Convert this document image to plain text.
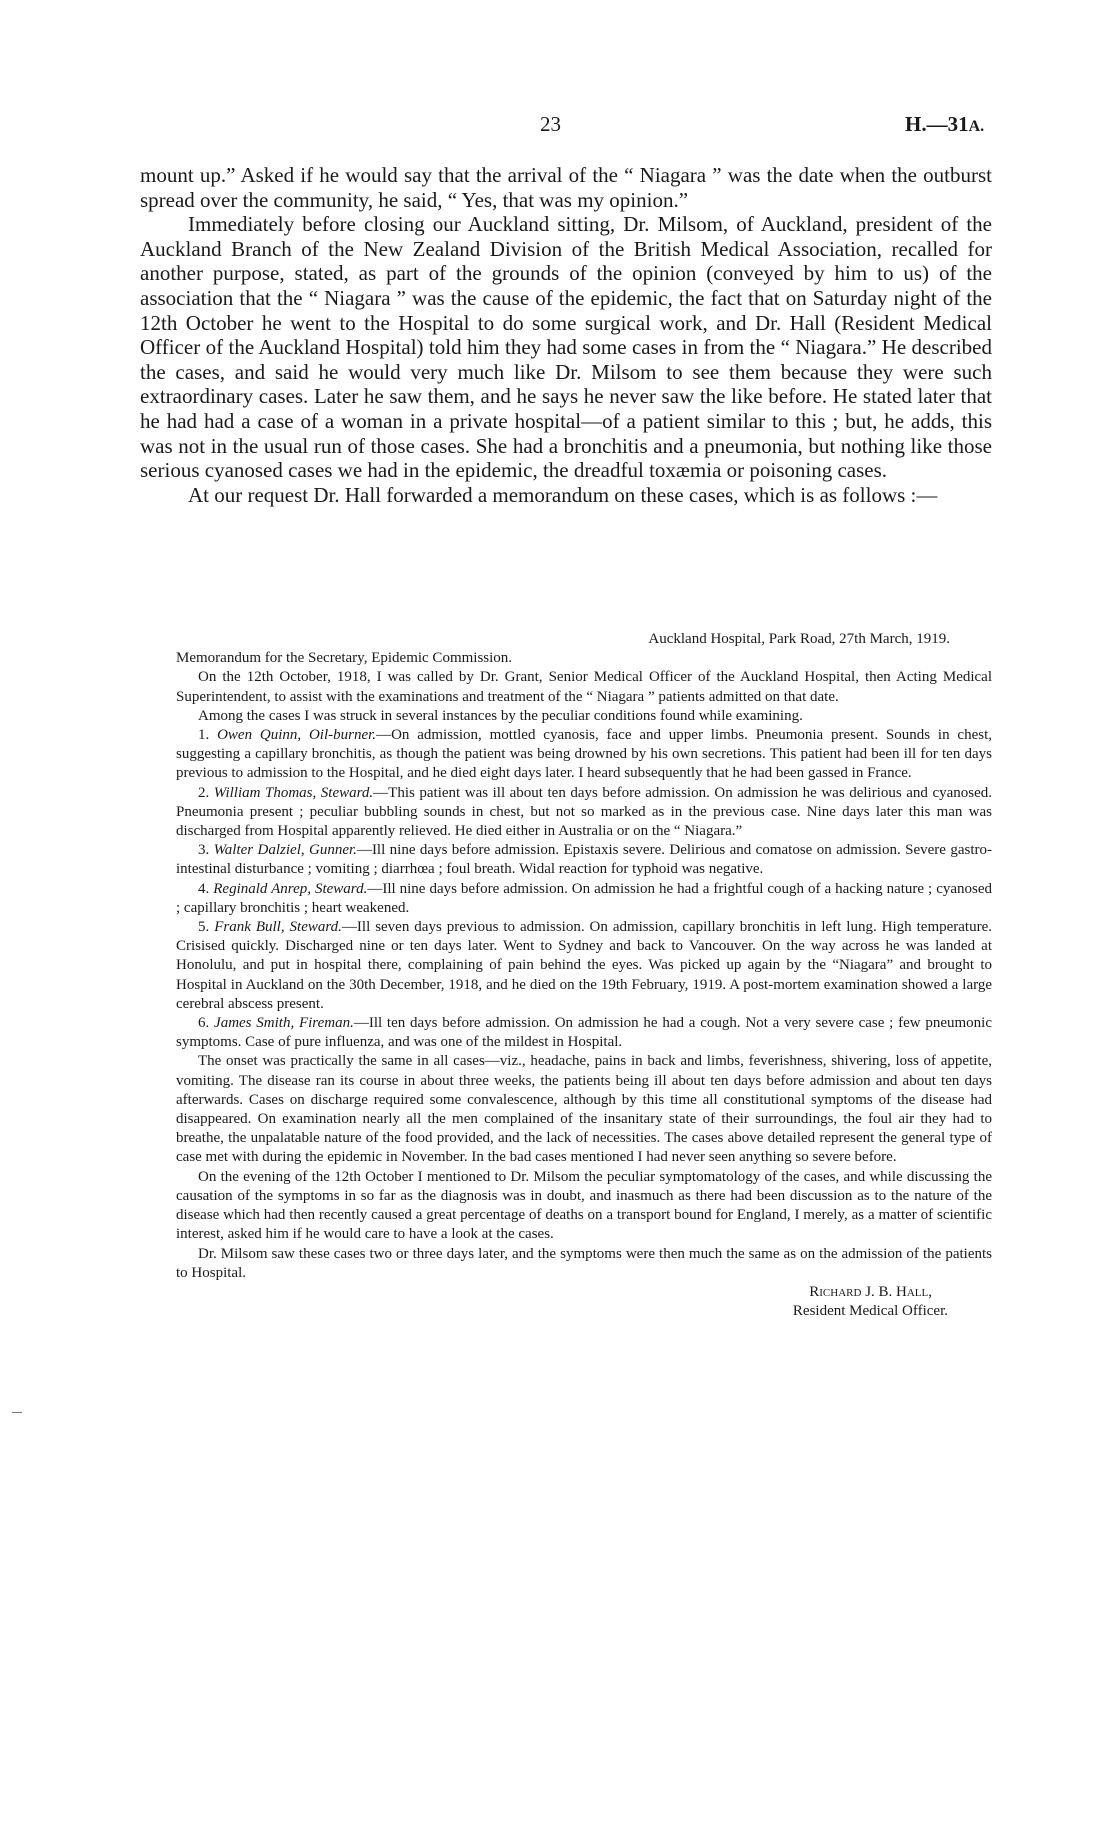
23	H.—31A.

mount up.” Asked if he would say that the arrival of the “ Niagara ” was the date when the outburst spread over the community, he said, “ Yes, that was my opinion.”

Immediately before closing our Auckland sitting, Dr. Milsom, of Auckland, president of the Auckland Branch of the New Zealand Division of the British Medical Association, recalled for another purpose, stated, as part of the grounds of the opinion (conveyed by him to us) of the association that the “ Niagara ” was the cause of the epidemic, the fact that on Saturday night of the 12th October he went to the Hospital to do some surgical work, and Dr. Hall (Resident Medical Officer of the Auckland Hospital) told him they had some cases in from the “ Niagara.” He described the cases, and said he would very much like Dr. Milsom to see them because they were such extraordinary cases. Later he saw them, and he says he never saw the like before. He stated later that he had had a case of a woman in a private hospital—of a patient similar to this ; but, he adds, this was not in the usual run of those cases. She had a bronchitis and a pneumonia, but nothing like those serious cyanosed cases we had in the epidemic, the dreadful toxæmia or poisoning cases.

At our request Dr. Hall forwarded a memorandum on these cases, which is as follows :—

Auckland Hospital, Park Road, 27th March, 1919.

Memorandum for the Secretary, Epidemic Commission.

On the 12th October, 1918, I was called by Dr. Grant, Senior Medical Officer of the Auckland Hospital, then Acting Medical Superintendent, to assist with the examinations and treatment of the “ Niagara ” patients admitted on that date.

Among the cases I was struck in several instances by the peculiar conditions found while examining.

1. Owen Quinn, Oil-burner.—On admission, mottled cyanosis, face and upper limbs. Pneumonia present. Sounds in chest, suggesting a capillary bronchitis, as though the patient was being drowned by his own secretions. This patient had been ill for ten days previous to admission to the Hospital, and he died eight days later. I heard subsequently that he had been gassed in France.

2. William Thomas, Steward.—This patient was ill about ten days before admission. On admission he was delirious and cyanosed. Pneumonia present ; peculiar bubbling sounds in chest, but not so marked as in the previous case. Nine days later this man was discharged from Hospital apparently relieved. He died either in Australia or on the “ Niagara.”

3. Walter Dalziel, Gunner.—Ill nine days before admission. Epistaxis severe. Delirious and comatose on admission. Severe gastro-intestinal disturbance ; vomiting ; diarrhœa ; foul breath. Widal reaction for typhoid was negative.

4. Reginald Anrep, Steward.—Ill nine days before admission. On admission he had a frightful cough of a hacking nature ; cyanosed ; capillary bronchitis ; heart weakened.

5. Frank Bull, Steward.—Ill seven days previous to admission. On admission, capillary bronchitis in left lung. High temperature. Crisised quickly. Discharged nine or ten days later. Went to Sydney and back to Vancouver. On the way across he was landed at Honolulu, and put in hospital there, complaining of pain behind the eyes. Was picked up again by the “Niagara” and brought to Hospital in Auckland on the 30th December, 1918, and he died on the 19th February, 1919. A post-mortem examination showed a large cerebral abscess present.

6. James Smith, Fireman.—Ill ten days before admission. On admission he had a cough. Not a very severe case ; few pneumonic symptoms. Case of pure influenza, and was one of the mildest in Hospital.

The onset was practically the same in all cases—viz., headache, pains in back and limbs, feverishness, shivering, loss of appetite, vomiting. The disease ran its course in about three weeks, the patients being ill about ten days before admission and about ten days afterwards. Cases on discharge required some convalescence, although by this time all constitutional symptoms of the disease had disappeared. On examination nearly all the men complained of the insanitary state of their surroundings, the foul air they had to breathe, the unpalatable nature of the food provided, and the lack of necessities. The cases above detailed represent the general type of case met with during the epidemic in November. In the bad cases mentioned I had never seen anything so severe before.

On the evening of the 12th October I mentioned to Dr. Milsom the peculiar symptomatology of the cases, and while discussing the causation of the symptoms in so far as the diagnosis was in doubt, and inasmuch as there had been discussion as to the nature of the disease which had then recently caused a great percentage of deaths on a transport bound for England, I merely, as a matter of scientific interest, asked him if he would care to have a look at the cases.

Dr. Milsom saw these cases two or three days later, and the symptoms were then much the same as on the admission of the patients to Hospital.

Richard J. B. Hall,

Resident Medical Officer.
